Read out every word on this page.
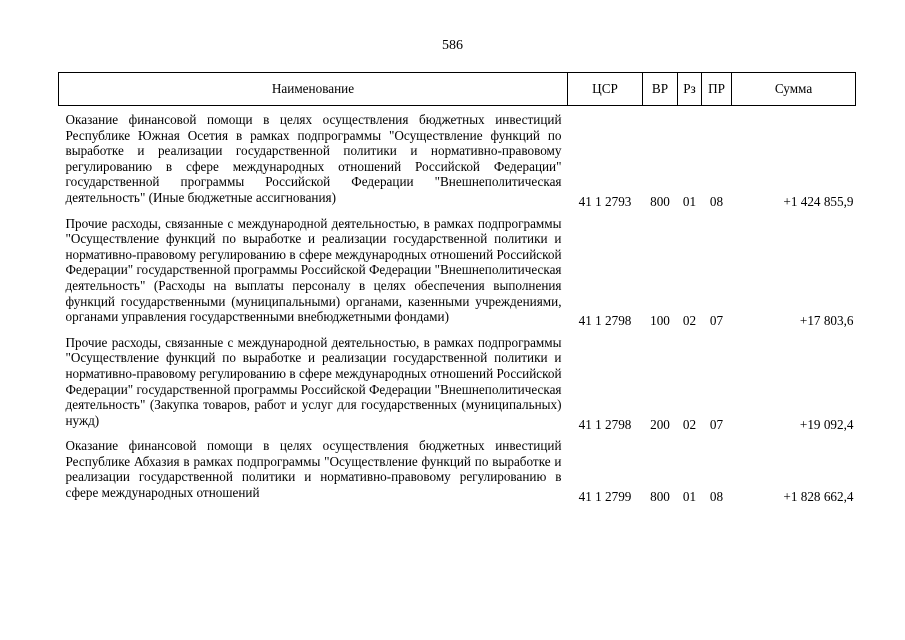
586
Наименование	ЦСР	ВР	Рз	ПР	Сумма
Оказание финансовой помощи в целях осуществления бюджетных инвестиций Республике Южная Осетия в рамках подпрограммы "Осуществление функций по выработке и реализации государственной политики и нормативно-правовому регулированию в сфере международных отношений Российской Федерации" государственной программы Российской Федерации "Внешнеполитическая деятельность" (Иные бюджетные ассигнования)	41 1 2793	800	01	08	+1 424 855,9
Прочие расходы, связанные с международной деятельностью, в рамках подпрограммы "Осуществление функций по выработке и реализации государственной политики и нормативно-правовому регулированию в сфере международных отношений Российской Федерации" государственной программы Российской Федерации "Внешнеполитическая деятельность" (Расходы на выплаты персоналу в целях обеспечения выполнения функций государственными (муниципальными) органами, казенными учреждениями, органами управления государственными внебюджетными фондами)	41 1 2798	100	02	07	+17 803,6
Прочие расходы, связанные с международной деятельностью, в рамках подпрограммы "Осуществление функций по выработке и реализации государственной политики и нормативно-правовому регулированию в сфере международных отношений Российской Федерации" государственной программы Российской Федерации "Внешнеполитическая деятельность" (Закупка товаров, работ и услуг для государственных (муниципальных) нужд)	41 1 2798	200	02	07	+19 092,4
Оказание финансовой помощи в целях осуществления бюджетных инвестиций Республике Абхазия в рамках подпрограммы "Осуществление функций по выработке и реализации государственной политики и нормативно-правовому регулированию в сфере международных отношений	41 1 2799	800	01	08	+1 828 662,4
